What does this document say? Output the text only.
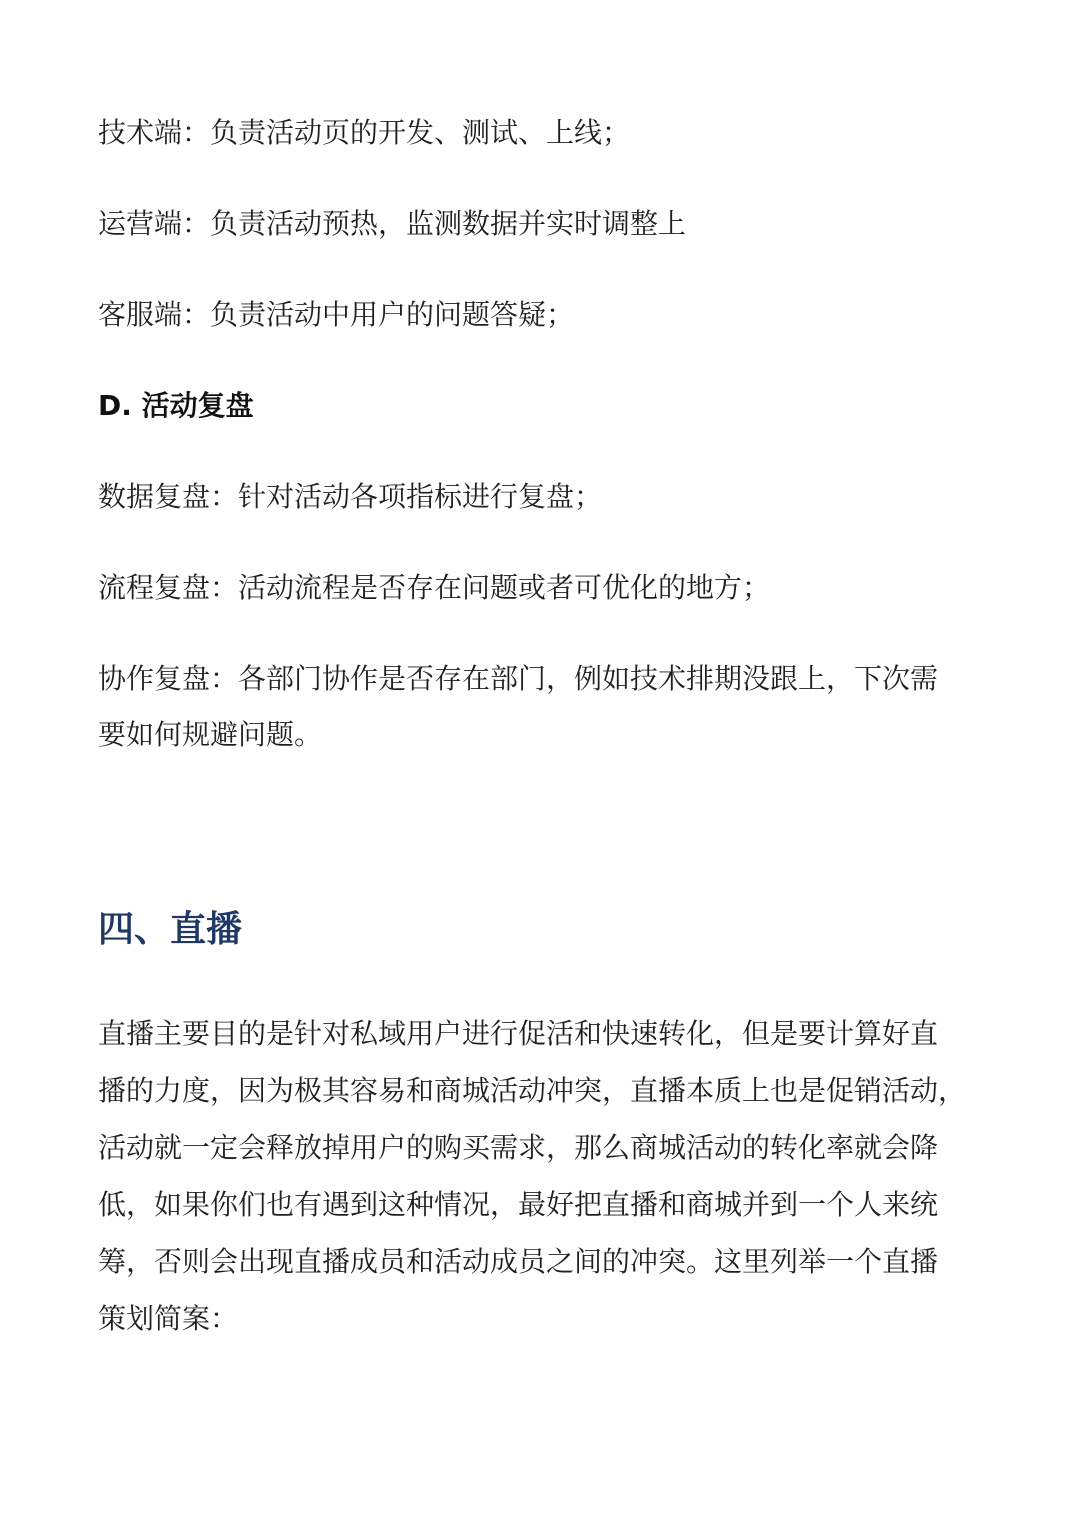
技术端：负责活动页的开发、测试、上线；
运营端：负责活动预热，监测数据并实时调整上
客服端：负责活动中用户的问题答疑；
D. 活动复盘
数据复盘：针对活动各项指标进行复盘；
流程复盘：活动流程是否存在问题或者可优化的地方；
协作复盘：各部门协作是否存在部门，例如技术排期没跟上，下次需
要如何规避问题。
四、直播
直播主要目的是针对私域用户进行促活和快速转化，但是要计算好直
播的力度，因为极其容易和商城活动冲突，直播本质上也是促销活动，
活动就一定会释放掉用户的购买需求，那么商城活动的转化率就会降
低，如果你们也有遇到这种情况，最好把直播和商城并到一个人来统
筹，否则会出现直播成员和活动成员之间的冲突。这里列举一个直播
策划简案：
